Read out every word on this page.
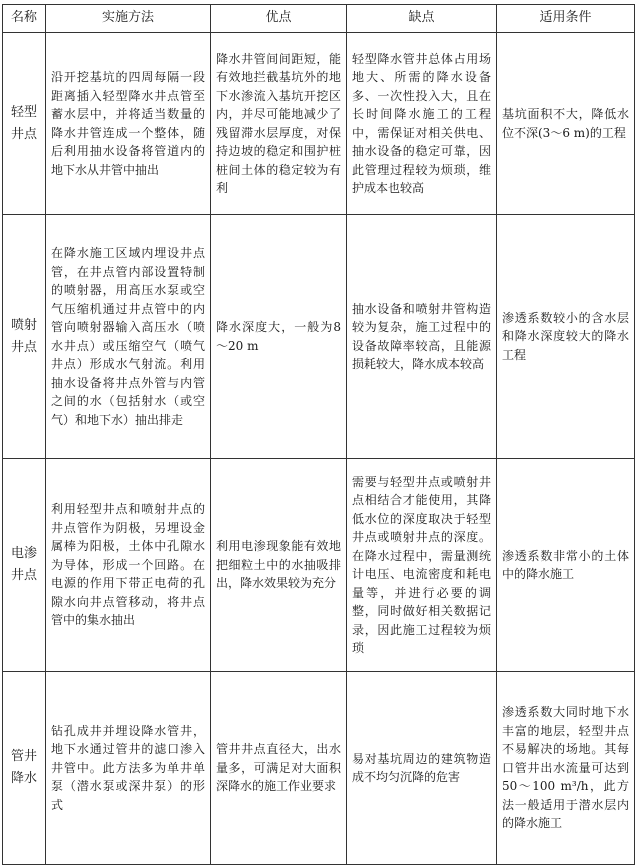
名称	实施方法	优点	缺点	适用条件
轻型井点	沿开挖基坑的四周每隔一段距离插入轻型降水井点管至蓄水层中，并将适当数量的降水井管连成一个整体，随后利用抽水设备将管道内的地下水从井管中抽出	降水井管间间距短，能有效地拦截基坑外的地下水渗流入基坑开挖区内，并尽可能地减少了残留滞水层厚度，对保持边坡的稳定和围护桩桩间土体的稳定较为有利	轻型降水管井总体占用场地大、所需的降水设备多、一次性投入大，且在长时间降水施工的工程中，需保证对相关供电、抽水设备的稳定可靠，因此管理过程较为烦琐，维护成本也较高	基坑面积不大，降低水位不深(3～6 m)的工程

喷射井点	在降水施工区域内埋设井点管，在井点管内部设置特制的喷射器，用高压水泵或空气压缩机通过井点管中的内管向喷射器输入高压水（喷水井点）或压缩空气（喷气井点）形成水气射流。利用抽水设备将井点外管与内管之间的水（包括射水（或空气）和地下水）抽出排走	降水深度大，一般为8～20 m	抽水设备和喷射井管构造较为复杂，施工过程中的设备故障率较高，且能源损耗较大，降水成本较高	渗透系数较小的含水层和降水深度较大的降水工程

电渗井点	利用轻型井点和喷射井点的井点管作为阴极，另埋设金属棒为阳极，土体中孔隙水为导体，形成一个回路。在电源的作用下带正电荷的孔隙水向井点管移动，将井点管中的集水抽出	利用电渗现象能有效地把细粒土中的水抽吸排出，降水效果较为充分	需要与轻型井点或喷射井点相结合才能使用，其降低水位的深度取决于轻型井点或喷射井点的深度。在降水过程中，需量测统计电压、电流密度和耗电量等，并进行必要的调整，同时做好相关数据记录，因此施工过程较为烦琐	渗透系数非常小的土体中的降水施工

管井降水	钻孔成井并埋设降水管井，地下水通过管井的滤口渗入井管中。此方法多为单井单泵（潜水泵或深井泵）的形式	管井井点直径大，出水量多，可满足对大面积深降水的施工作业要求	易对基坑周边的建筑物造成不均匀沉降的危害	渗透系数大同时地下水丰富的地层，轻型井点不易解决的场地。其每口管井出水流量可达到 50～100 m³/h，此方法一般适用于潜水层内的降水施工
